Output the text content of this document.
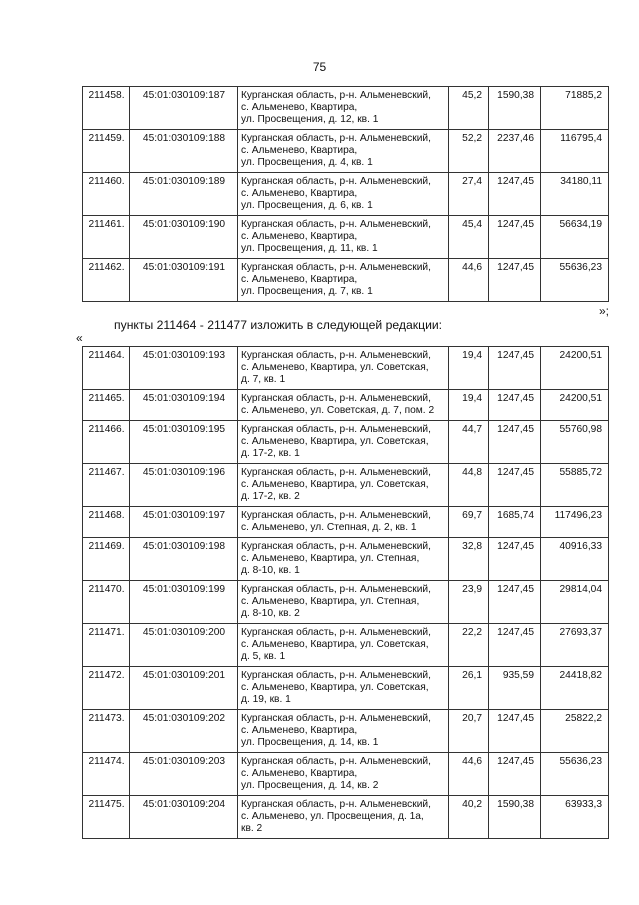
75
211458.	45:01:030109:187	Курганская область, р-н. Альменевский,
с. Альменево, Квартира,
ул. Просвещения, д. 12, кв. 1	45,2	1590,38	71885,2
211459.	45:01:030109:188	Курганская область, р-н. Альменевский,
с. Альменево, Квартира,
ул. Просвещения, д. 4, кв. 1	52,2	2237,46	116795,4
211460.	45:01:030109:189	Курганская область, р-н. Альменевский,
с. Альменево, Квартира,
ул. Просвещения, д. 6, кв. 1	27,4	1247,45	34180,11
211461.	45:01:030109:190	Курганская область, р-н. Альменевский,
с. Альменево, Квартира,
ул. Просвещения, д. 11, кв. 1	45,4	1247,45	56634,19
211462.	45:01:030109:191	Курганская область, р-н. Альменевский,
с. Альменево, Квартира,
ул. Просвещения, д. 7, кв. 1	44,6	1247,45	55636,23
»;
пункты 211464 - 211477 изложить в следующей редакции:
«
211464.	45:01:030109:193	Курганская область, р-н. Альменевский,
с. Альменево, Квартира, ул. Советская,
д. 7, кв. 1	19,4	1247,45	24200,51
211465.	45:01:030109:194	Курганская область, р-н. Альменевский,
с. Альменево, ул. Советская, д. 7, пом. 2	19,4	1247,45	24200,51
211466.	45:01:030109:195	Курганская область, р-н. Альменевский,
с. Альменево, Квартира, ул. Советская,
д. 17-2, кв. 1	44,7	1247,45	55760,98
211467.	45:01:030109:196	Курганская область, р-н. Альменевский,
с. Альменево, Квартира, ул. Советская,
д. 17-2, кв. 2	44,8	1247,45	55885,72
211468.	45:01:030109:197	Курганская область, р-н. Альменевский,
с. Альменево, ул. Степная, д. 2, кв. 1	69,7	1685,74	117496,23
211469.	45:01:030109:198	Курганская область, р-н. Альменевский,
с. Альменево, Квартира, ул. Степная,
д. 8-10, кв. 1	32,8	1247,45	40916,33
211470.	45:01:030109:199	Курганская область, р-н. Альменевский,
с. Альменево, Квартира, ул. Степная,
д. 8-10, кв. 2	23,9	1247,45	29814,04
211471.	45:01:030109:200	Курганская область, р-н. Альменевский,
с. Альменево, Квартира, ул. Советская,
д. 5, кв. 1	22,2	1247,45	27693,37
211472.	45:01:030109:201	Курганская область, р-н. Альменевский,
с. Альменево, Квартира, ул. Советская,
д. 19, кв. 1	26,1	935,59	24418,82
211473.	45:01:030109:202	Курганская область, р-н. Альменевский,
с. Альменево, Квартира,
ул. Просвещения, д. 14, кв. 1	20,7	1247,45	25822,2
211474.	45:01:030109:203	Курганская область, р-н. Альменевский,
с. Альменево, Квартира,
ул. Просвещения, д. 14, кв. 2	44,6	1247,45	55636,23
211475.	45:01:030109:204	Курганская область, р-н. Альменевский,
с. Альменево, ул. Просвещения, д. 1а,
кв. 2	40,2	1590,38	63933,3
